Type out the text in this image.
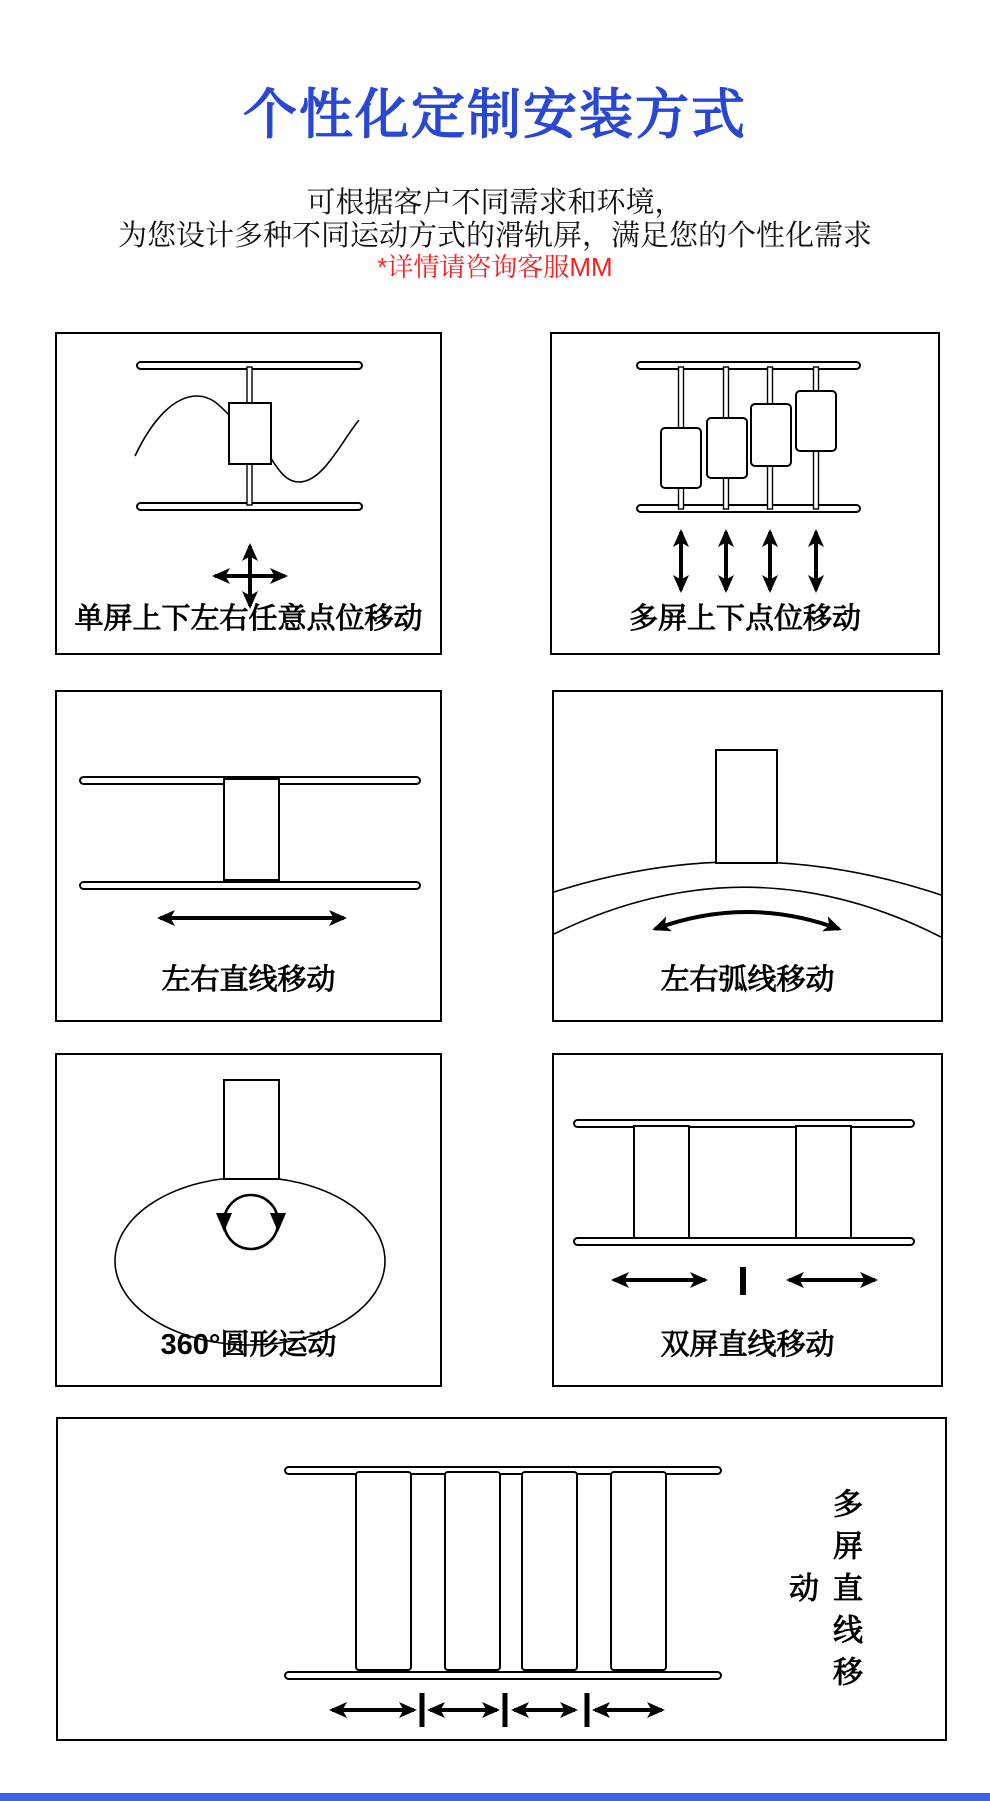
个性化定制安装方式
可根据客户不同需求和环境，
为您设计多种不同运动方式的滑轨屏，满足您的个性化需求
*详情请咨询客服MM
单屏上下左右任意点位移动	多屏上下点位移动
左右直线移动	左右弧线移动
360°圆形运动	双屏直线移动
多屏直线移动
